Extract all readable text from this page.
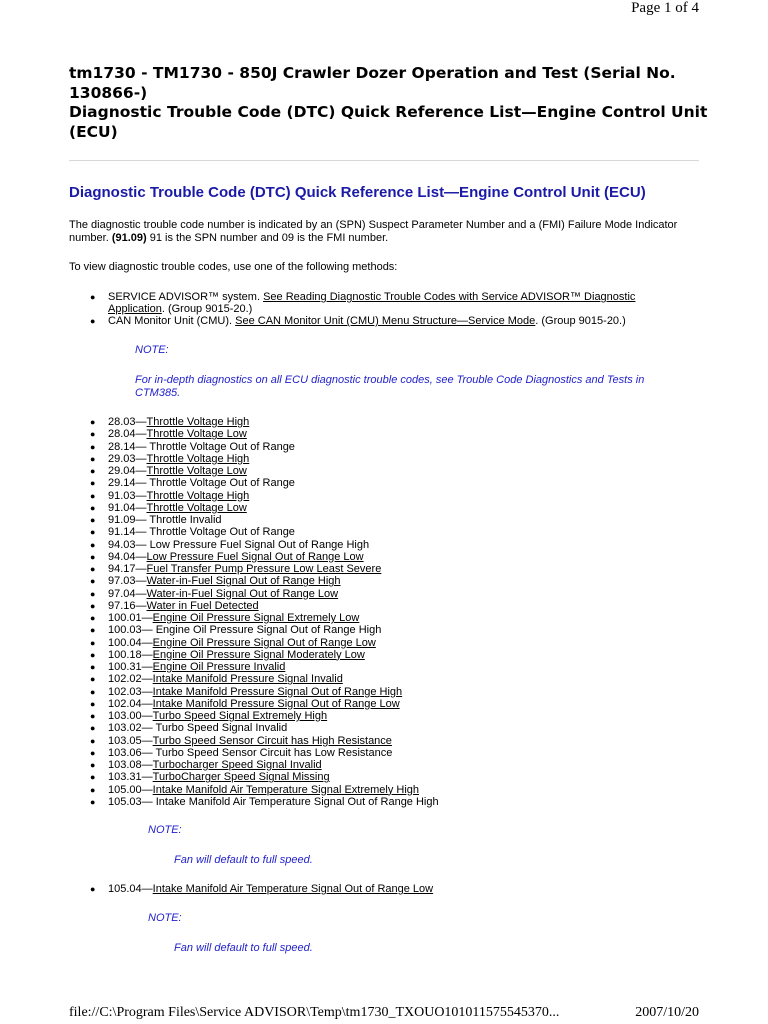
Page 1 of 4
tm1730 - TM1730 - 850J Crawler Dozer Operation and Test (Serial No. 130866-)
Diagnostic Trouble Code (DTC) Quick Reference List—Engine Control Unit (ECU)
Diagnostic Trouble Code (DTC) Quick Reference List—Engine Control Unit (ECU)

The diagnostic trouble code number is indicated by an (SPN) Suspect Parameter Number and a (FMI) Failure Mode Indicator number. (91.09) 91 is the SPN number and 09 is the FMI number.

To view diagnostic trouble codes, use one of the following methods:

● SERVICE ADVISOR™ system. See Reading Diagnostic Trouble Codes with Service ADVISOR™ Diagnostic Application. (Group 9015-20.)
● CAN Monitor Unit (CMU). See CAN Monitor Unit (CMU) Menu Structure—Service Mode. (Group 9015-20.)

NOTE:

For in-depth diagnostics on all ECU diagnostic trouble codes, see Trouble Code Diagnostics and Tests in CTM385.

● 28.03—Throttle Voltage High
● 28.04—Throttle Voltage Low
● 28.14— Throttle Voltage Out of Range
● 29.03—Throttle Voltage High
● 29.04—Throttle Voltage Low
● 29.14— Throttle Voltage Out of Range
● 91.03—Throttle Voltage High
● 91.04—Throttle Voltage Low
● 91.09— Throttle Invalid
● 91.14— Throttle Voltage Out of Range
● 94.03— Low Pressure Fuel Signal Out of Range High
● 94.04—Low Pressure Fuel Signal Out of Range Low
● 94.17—Fuel Transfer Pump Pressure Low Least Severe
● 97.03—Water-in-Fuel Signal Out of Range High
● 97.04—Water-in-Fuel Signal Out of Range Low
● 97.16—Water in Fuel Detected
● 100.01—Engine Oil Pressure Signal Extremely Low
● 100.03— Engine Oil Pressure Signal Out of Range High
● 100.04—Engine Oil Pressure Signal Out of Range Low
● 100.18—Engine Oil Pressure Signal Moderately Low
● 100.31—Engine Oil Pressure Invalid
● 102.02—Intake Manifold Pressure Signal Invalid
● 102.03—Intake Manifold Pressure Signal Out of Range High
● 102.04—Intake Manifold Pressure Signal Out of Range Low
● 103.00—Turbo Speed Signal Extremely High
● 103.02— Turbo Speed Signal Invalid
● 103.05—Turbo Speed Sensor Circuit has High Resistance
● 103.06— Turbo Speed Sensor Circuit has Low Resistance
● 103.08—Turbocharger Speed Signal Invalid
● 103.31—TurboCharger Speed Signal Missing
● 105.00—Intake Manifold Air Temperature Signal Extremely High
● 105.03— Intake Manifold Air Temperature Signal Out of Range High

NOTE:

Fan will default to full speed.

● 105.04—Intake Manifold Air Temperature Signal Out of Range Low

NOTE:

Fan will default to full speed.

file://C:\Program Files\Service ADVISOR\Temp\tm1730_TXOUO101011575545370...	2007/10/20
